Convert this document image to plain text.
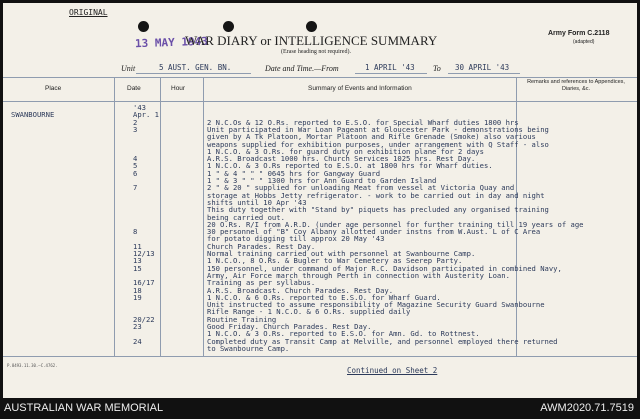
ORIGINAL
13 MAY 1943
WAR DIARY or INTELLIGENCE SUMMARY
(Erase heading not required).
Army Form C.2118
(adapted)
Unit	5 AUST. GEN. BN.	Date and Time.—From	1 APRIL '43 To 30 APRIL '43
Place	Date	Hour	Summary of Events and Information
Remarks and references to Appendices, Diaries, &c.
'43
SWANBOURNE	Apr. 1
2	2 N.C.Os & 12 O.Rs. reported to E.S.O. for Special Wharf duties 1800 hrs
3	Unit participated in War Loan Pageant at Gloucester Park - demonstrations being
given by A Tk Platoon, Mortar Platoon and Rifle Grenade (Smoke) also various
weapons supplied for exhibition purposes, under arrangement with Q Staff - also
1 N.C.O. & 3 O.Rs. for guard duty on exhibition plane for 2 days
4	A.R.S. Broadcast 1000 hrs. Church Services 1025 hrs. Rest Day.
5	1 N.C.O. & 3 O.Rs reported to E.S.O. at 1800 hrs for Wharf duties.
6	1 " & 4 " " " 0645 hrs for Gangway Guard
1 " & 3 " " " 1300 hrs for Ann Guard to Garden Island
7	2 " & 20 " supplied for unloading Meat from vessel at Victoria Quay and
storage at Hobbs Jetty refrigerator. - work to be carried out in day and night
shifts until 10 Apr '43
This duty together with "Stand by" piquets has precluded any organised training
being carried out.
20 O.Rs. R/I from A.R.D. (under age personnel for further training till 19 years of age
8	30 personnel of "B" Coy Albany allotted under instns from W.Aust. L of C Area
for potato digging till approx 20 May '43
11	Church Parades. Rest Day.
12/13	Normal training carried out with personnel at Swanbourne Camp.
13	1 N.C.O., 8 O.Rs. & Bugler to War Cemetery as Seerep Party.
15	150 personnel, under command of Major R.C. Davidson participated in combined Navy,
Army, Air Force march through Perth in connection with Austerity Loan.
16/17	Training as per syllabus.
18	A.R.S. Broadcast. Church Parades. Rest Day.
19	1 N.C.O. & 6 O.Rs. reported to E.S.O. for Wharf Guard.
Unit instructed to assume responsibility of Magazine Security Guard Swanbourne
Rifle Range - 1 N.C.O. & 6 O.Rs. supplied daily
20/22	Routine Training
23	Good Friday. Church Parades. Rest Day.
1 N.C.O. & 3 O.Rs. reported to E.S.O. for Amn. Gd. to Rottnest.
24	Completed duty as Transit Camp at Melville, and personnel employed there returned
to Swanbourne Camp.
Continued on Sheet 2
P.8493.11.30.—C.4762.
AUSTRALIAN WAR MEMORIAL	AWM2020.71.7519
